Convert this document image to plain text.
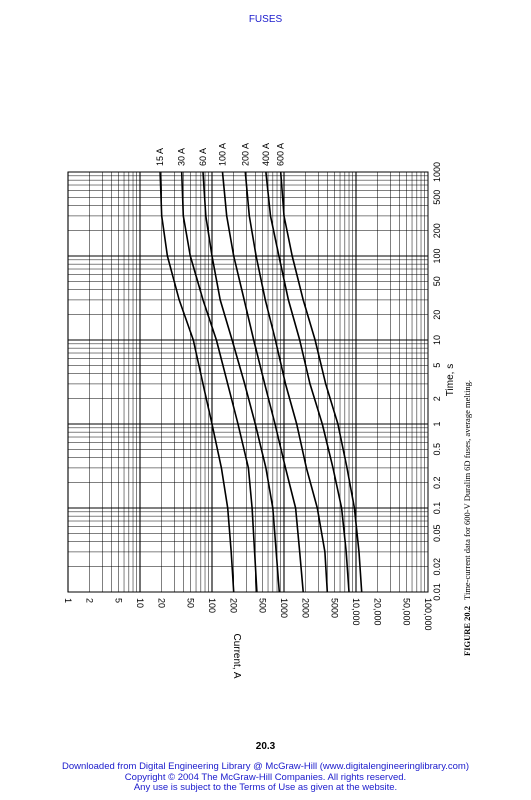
FUSES
0.01
0.02
0.05
0.1
0.2
0.5
1
2
5
10
20
50
100
200
500
1000
1 2 5 10 20 50 100 200 500 1000 2000 5000 10,000 20,000 50,000 100,000
15 A 30 A 60 A 100 A 200 A 400 A 600 A
Time, s
Current, A	FIGURE 20.2Time-current data for 600-V Duralim 6D fuses, average melting.
20.3
Downloaded from Digital Engineering Library @ McGraw-Hill (www.digitalengineeringlibrary.com)
Copyright © 2004 The McGraw-Hill Companies. All rights reserved.
Any use is subject to the Terms of Use as given at the website.
